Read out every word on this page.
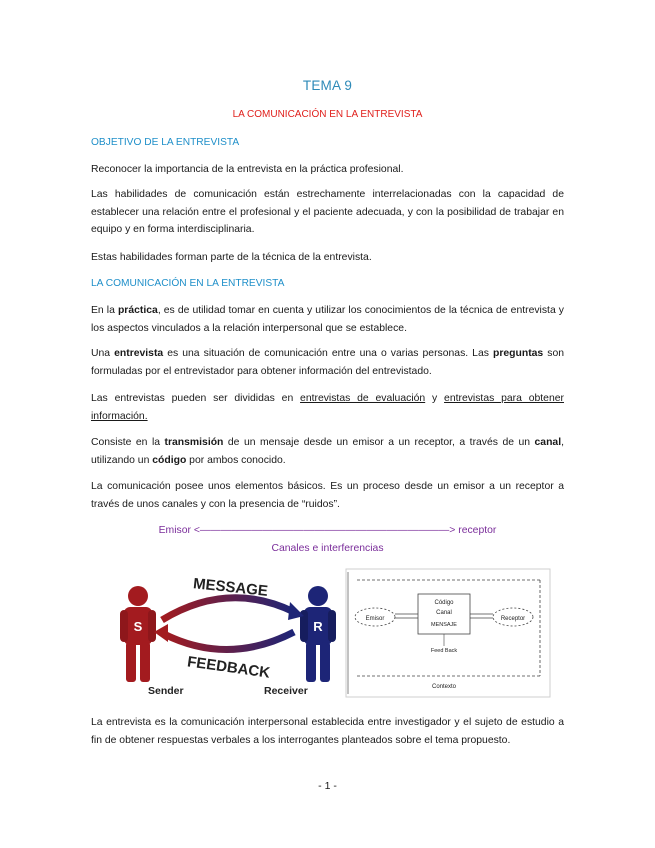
TEMA 9
LA COMUNICACIÓN EN LA ENTREVISTA
OBJETIVO DE LA ENTREVISTA
Reconocer la importancia de la entrevista en la práctica profesional.
Las habilidades de comunicación están estrechamente interrelacionadas con la capacidad de establecer una relación entre el profesional y el paciente adecuada, y con la posibilidad de trabajar en equipo y en forma interdisciplinaria.
Estas habilidades forman parte de la técnica de la entrevista.
LA COMUNICACIÓN EN LA ENTREVISTA
En la práctica, es de utilidad tomar en cuenta y utilizar los conocimientos de la técnica de entrevista y los aspectos vinculados a la relación interpersonal que se establece.
Una entrevista es una situación de comunicación entre una o varias personas. Las preguntas son formuladas por el entrevistador para obtener información del entrevistado.
Las entrevistas pueden ser divididas en entrevistas de evaluación y entrevistas para obtener información.
Consiste en la transmisión de un mensaje desde un emisor a un receptor, a través de un canal, utilizando un código por ambos conocido.
La comunicación posee unos elementos básicos. Es un proceso desde un emisor a un receptor a través de unos canales y con la presencia de “ruidos”.
Emisor <————————————————————————> receptor
Canales e interferencias
S	R
MESSAGE
FEEDBACK
Sender	Receiver
Emisor	Receptor
Código
Canal
MENSAJE
Feed Back
Contexto
La entrevista es la comunicación interpersonal establecida entre investigador y el sujeto de estudio a fin de obtener respuestas verbales a los interrogantes planteados sobre el tema propuesto.
- 1 -
